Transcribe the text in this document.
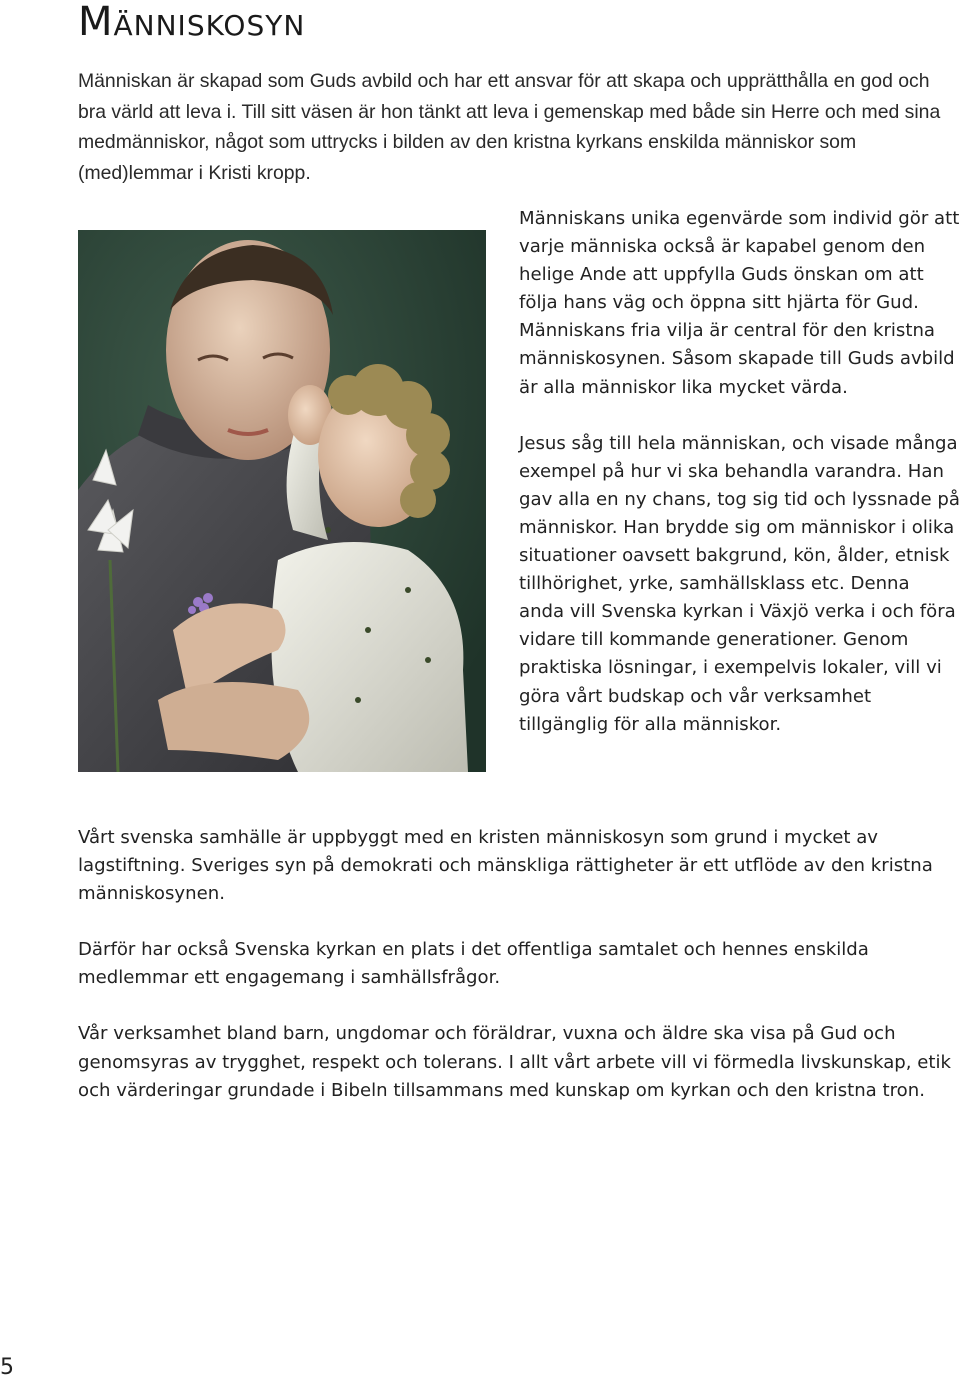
Människosyn

Människan är skapad som Guds avbild och har ett ansvar för att skapa och upprätthålla en god och bra värld att leva i. Till sitt väsen är hon tänkt att leva i gemenskap med både sin Herre och med sina medmänniskor, något som uttrycks i bilden av den kristna kyrkans enskilda människor som (med)lemmar i Kristi kropp.

Människans unika egenvärde som individ gör att varje människa också är kapabel genom den helige Ande att uppfylla Guds önskan om att följa hans väg och öppna sitt hjärta för Gud. Människans fria vilja är central för den kristna människosynen. Såsom skapade till Guds avbild är alla människor lika mycket värda.

Jesus såg till hela människan, och visade många exempel på hur vi ska behandla varandra. Han gav alla en ny chans, tog sig tid och lyssnade på människor. Han brydde sig om människor i olika situationer oavsett bakgrund, kön, ålder, etnisk tillhörighet, yrke, samhällsklass etc. Denna anda vill Svenska kyrkan i Växjö verka i och föra vidare till kommande generationer. Genom praktiska lösningar, i exempelvis lokaler, vill vi göra vårt budskap och vår verksamhet tillgänglig för alla människor.

Vårt svenska samhälle är uppbyggt med en kristen människosyn som grund i mycket av lagstiftning. Sveriges syn på demokrati och mänskliga rättigheter är ett utflöde av den kristna människosynen.

Därför har också Svenska kyrkan en plats i det offentliga samtalet och hennes enskilda medlemmar ett engagemang i samhällsfrågor.

Vår verksamhet bland barn, ungdomar och föräldrar, vuxna och äldre ska visa på Gud och genomsyras av trygghet, respekt och tolerans. I allt vårt arbete vill vi förmedla livskunskap, etik och värderingar grundade i Bibeln tillsammans med kunskap om kyrkan och den kristna tron.

5
